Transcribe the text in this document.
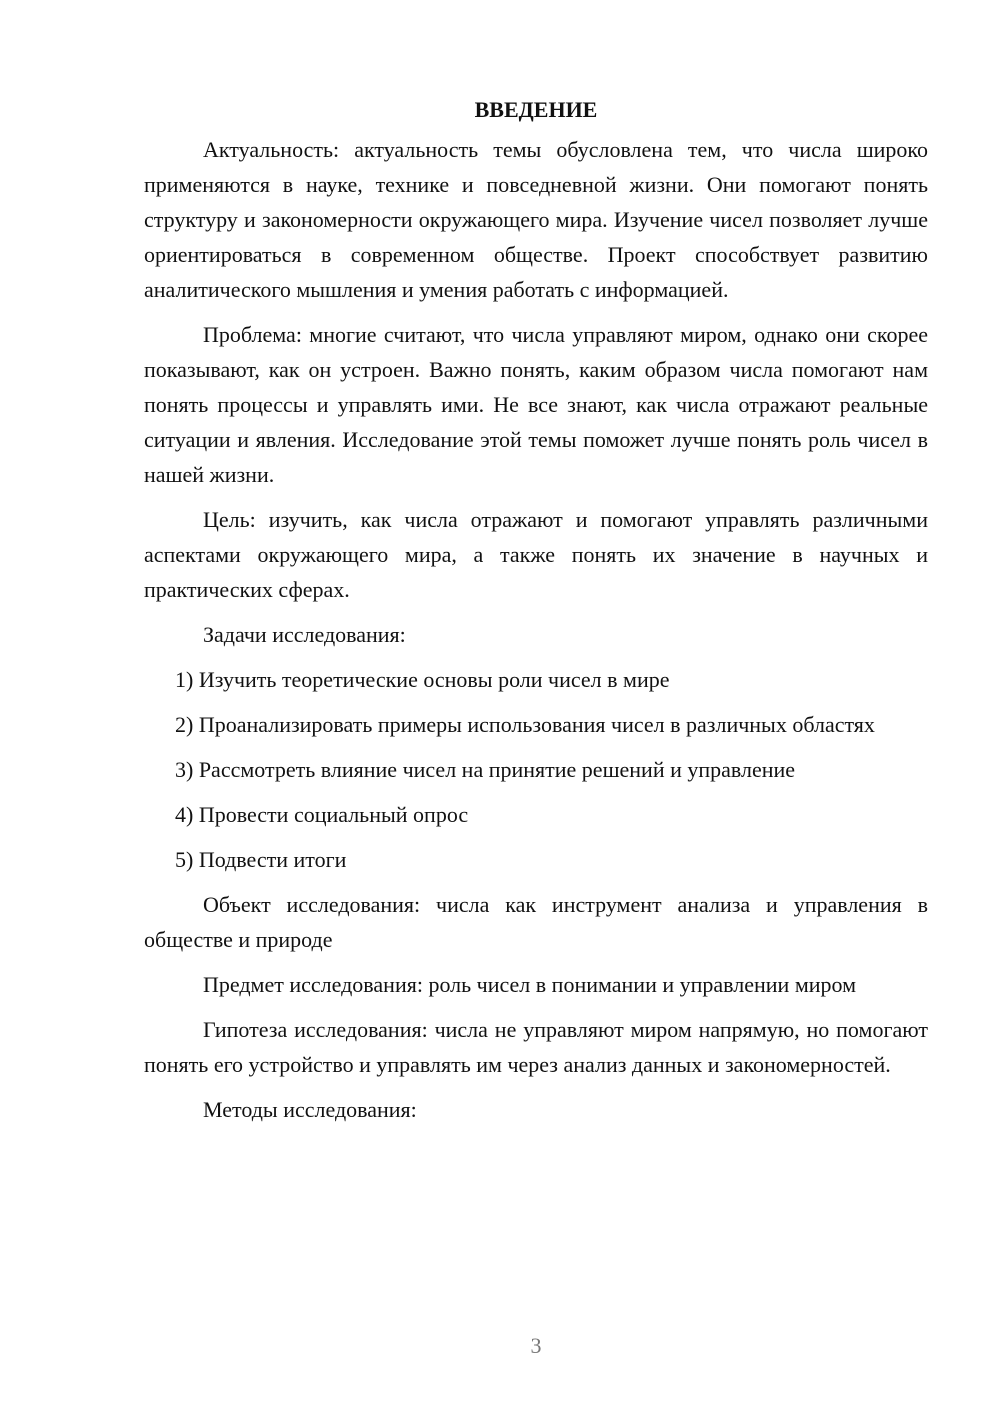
ВВЕДЕНИЕ

Актуальность: актуальность темы обусловлена тем, что числа широко применяются в науке, технике и повседневной жизни. Они помогают понять структуру и закономерности окружающего мира. Изучение чисел позволяет лучше ориентироваться в современном обществе. Проект способствует развитию аналитического мышления и умения работать с информацией.

Проблема: многие считают, что числа управляют миром, однако они скорее показывают, как он устроен. Важно понять, каким образом числа помогают нам понять процессы и управлять ими. Не все знают, как числа отражают реальные ситуации и явления. Исследование этой темы поможет лучше понять роль чисел в нашей жизни.

Цель: изучить, как числа отражают и помогают управлять различными аспектами окружающего мира, а также понять их значение в научных и практических сферах.

Задачи исследования:

1) Изучить теоретические основы роли чисел в мире

2) Проанализировать примеры использования чисел в различных областях

3) Рассмотреть влияние чисел на принятие решений и управление

4) Провести социальный опрос

5) Подвести итоги

Объект исследования: числа как инструмент анализа и управления в обществе и природе

Предмет исследования: роль чисел в понимании и управлении миром

Гипотеза исследования: числа не управляют миром напрямую, но помогают понять его устройство и управлять им через анализ данных и закономерностей.

Методы исследования:

3
